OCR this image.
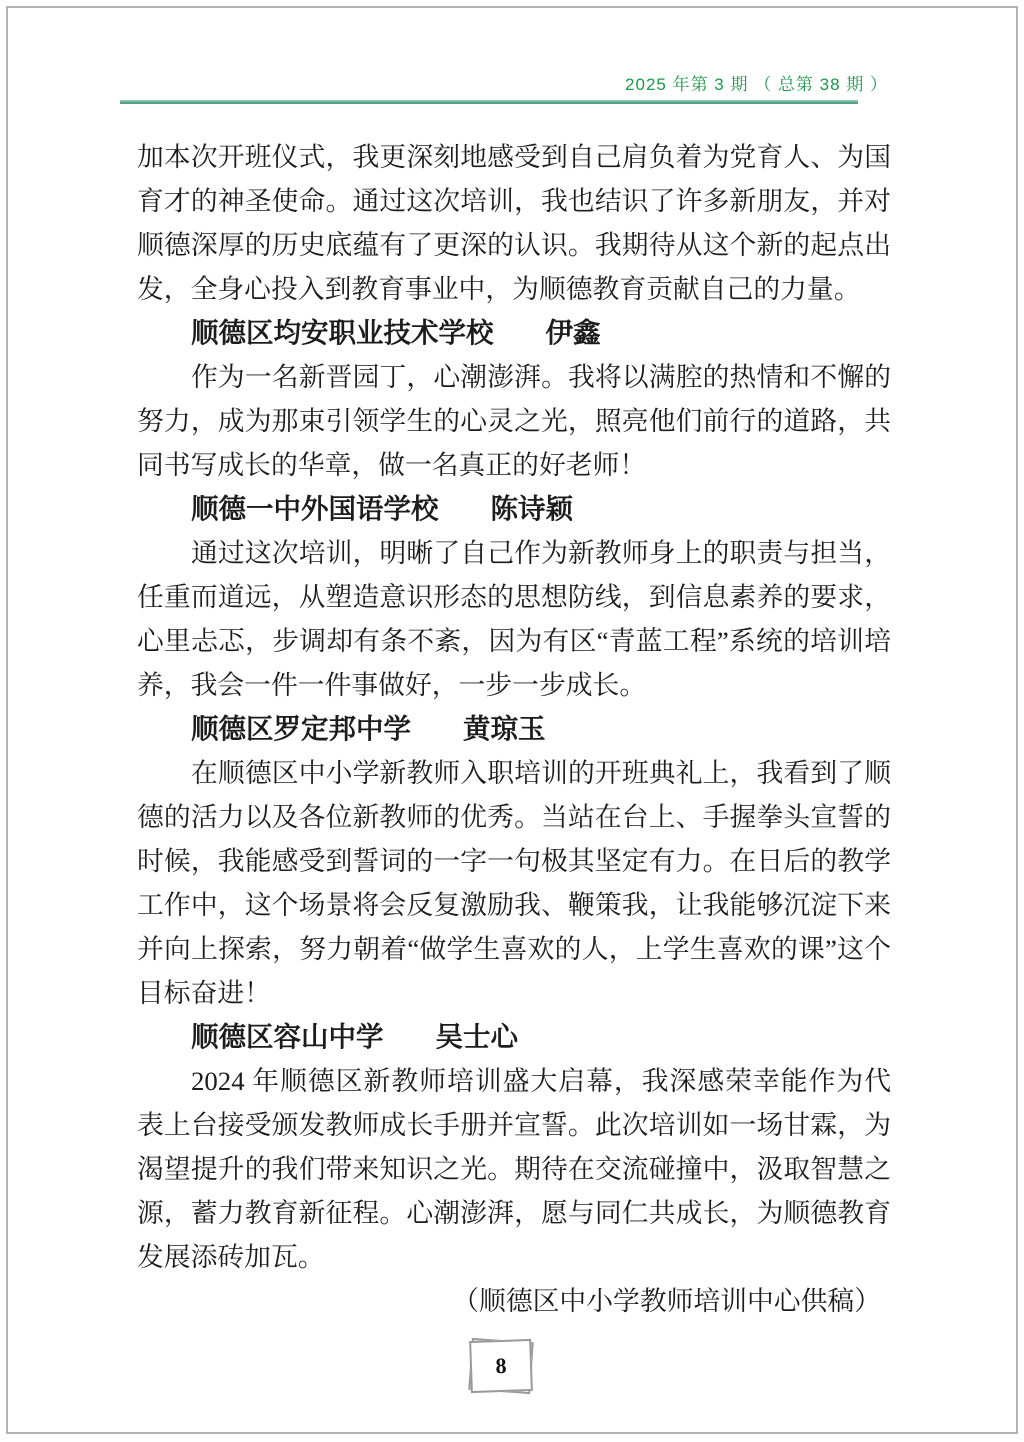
2025 年第 3 期 （ 总第 38 期 ）

加本次开班仪式，我更深刻地感受到自己肩负着为党育人、为国育才的神圣使命。通过这次培训，我也结识了许多新朋友，并对顺德深厚的历史底蕴有了更深的认识。我期待从这个新的起点出发，全身心投入到教育事业中，为顺德教育贡献自己的力量。

顺德区均安职业技术学校 伊鑫

作为一名新晋园丁，心潮澎湃。我将以满腔的热情和不懈的努力，成为那束引领学生的心灵之光，照亮他们前行的道路，共同书写成长的华章，做一名真正的好老师！

顺德一中外国语学校 陈诗颖

通过这次培训，明晰了自己作为新教师身上的职责与担当，任重而道远，从塑造意识形态的思想防线，到信息素养的要求，心里忐忑，步调却有条不紊，因为有区“青蓝工程”系统的培训培养，我会一件一件事做好，一步一步成长。

顺德区罗定邦中学 黄琼玉

在顺德区中小学新教师入职培训的开班典礼上，我看到了顺德的活力以及各位新教师的优秀。当站在台上、手握拳头宣誓的时候，我能感受到誓词的一字一句极其坚定有力。在日后的教学工作中，这个场景将会反复激励我、鞭策我，让我能够沉淀下来并向上探索，努力朝着“做学生喜欢的人，上学生喜欢的课”这个目标奋进！

顺德区容山中学 吴士心

2024 年顺德区新教师培训盛大启幕，我深感荣幸能作为代表上台接受颁发教师成长手册并宣誓。此次培训如一场甘霖，为渴望提升的我们带来知识之光。期待在交流碰撞中，汲取智慧之源，蓄力教育新征程。心潮澎湃，愿与同仁共成长，为顺德教育发展添砖加瓦。

（顺德区中小学教师培训中心供稿）

8
